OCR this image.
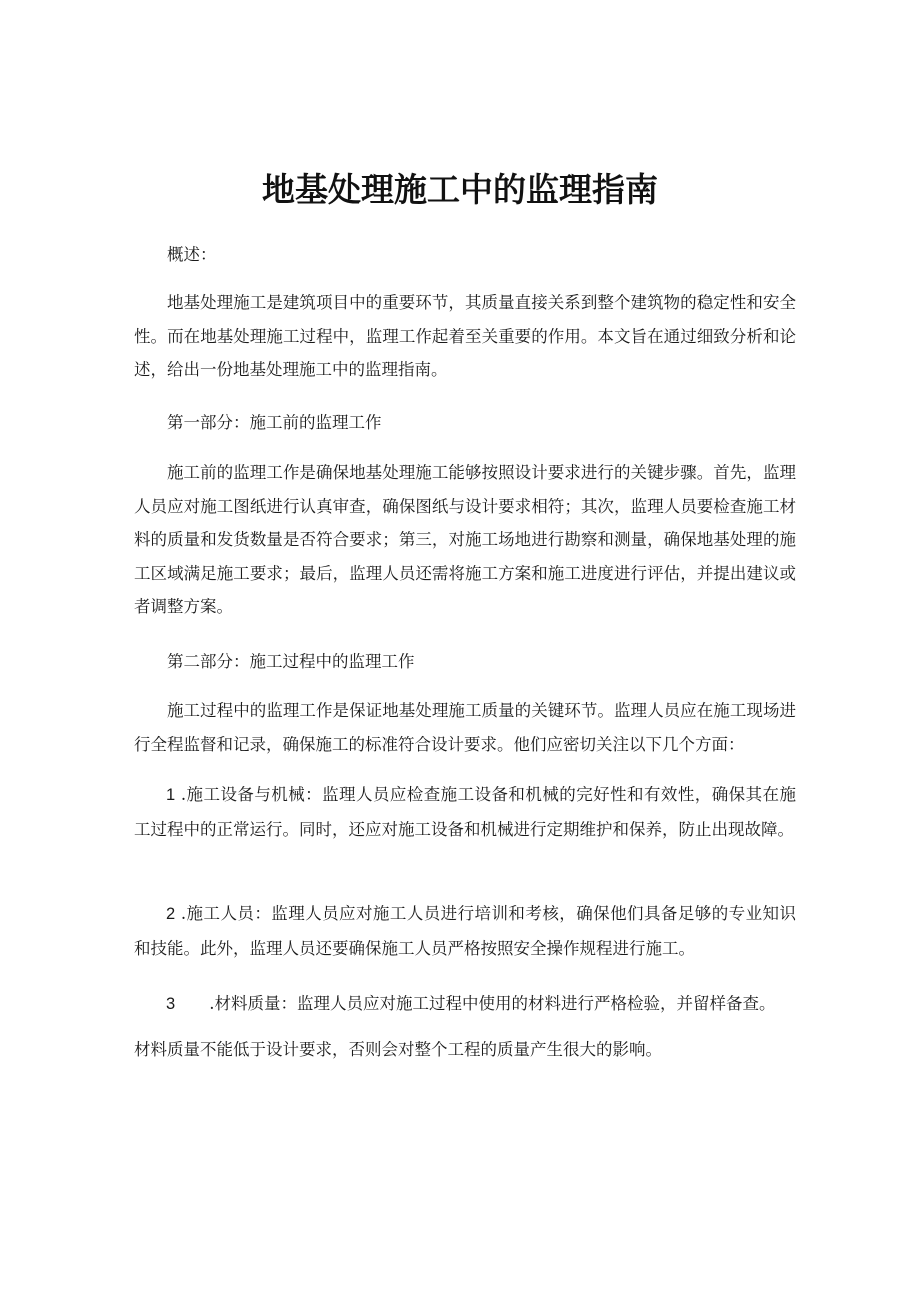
地基处理施工中的监理指南

概述：

地基处理施工是建筑项目中的重要环节，其质量直接关系到整个建筑物的稳定性和安全性。而在地基处理施工过程中，监理工作起着至关重要的作用。本文旨在通过细致分析和论述，给出一份地基处理施工中的监理指南。

第一部分：施工前的监理工作

施工前的监理工作是确保地基处理施工能够按照设计要求进行的关键步骤。首先，监理人员应对施工图纸进行认真审查，确保图纸与设计要求相符；其次，监理人员要检查施工材料的质量和发货数量是否符合要求；第三，对施工场地进行勘察和测量，确保地基处理的施工区域满足施工要求；最后，监理人员还需将施工方案和施工进度进行评估，并提出建议或者调整方案。

第二部分：施工过程中的监理工作

施工过程中的监理工作是保证地基处理施工质量的关键环节。监理人员应在施工现场进行全程监督和记录，确保施工的标准符合设计要求。他们应密切关注以下几个方面：

1 .施工设备与机械：监理人员应检查施工设备和机械的完好性和有效性，确保其在施工过程中的正常运行。同时，还应对施工设备和机械进行定期维护和保养，防止出现故障。

2 .施工人员：监理人员应对施工人员进行培训和考核，确保他们具备足够的专业知识和技能。此外，监理人员还要确保施工人员严格按照安全操作规程进行施工。

3 .材料质量：监理人员应对施工过程中使用的材料进行严格检验，并留样备查。

材料质量不能低于设计要求，否则会对整个工程的质量产生很大的影响。
